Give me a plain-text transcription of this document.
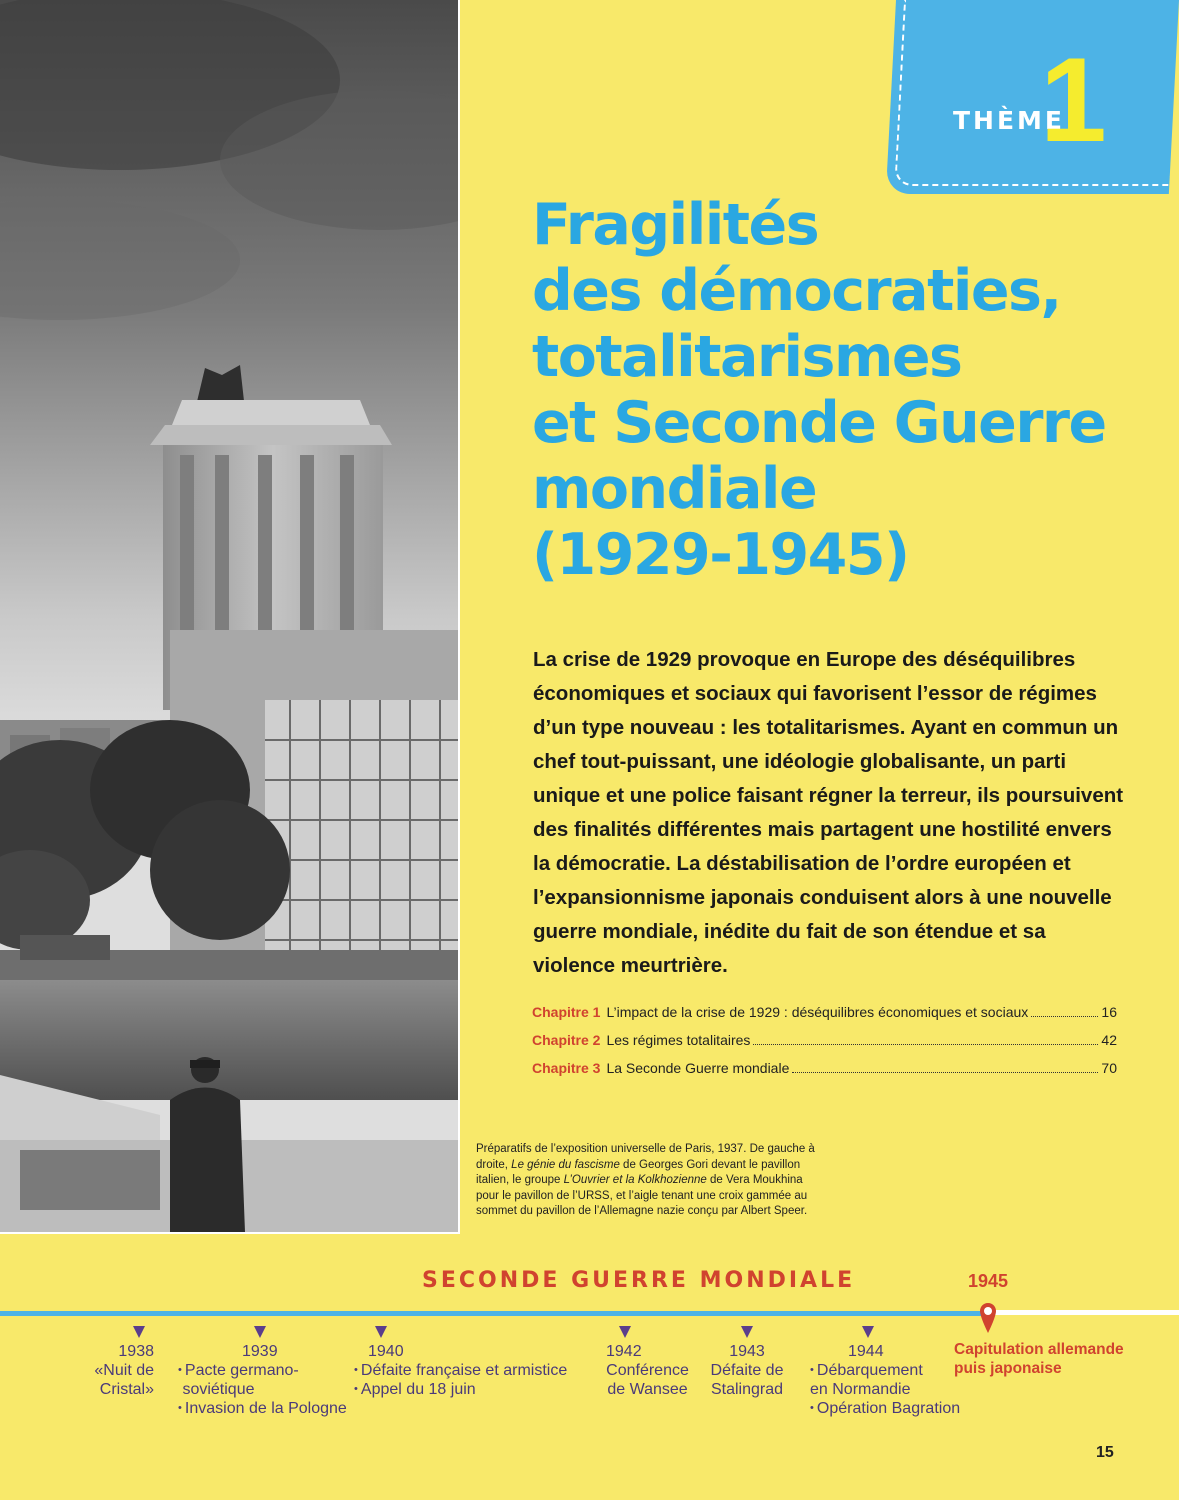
THÈME
1
Fragilités
des démocraties,
totalitarismes
et Seconde Guerre
mondiale
(1929-1945)

La crise de 1929 provoque en Europe des déséquilibres économiques et sociaux qui favorisent l’essor de régimes d’un type nouveau : les totalitarismes. Ayant en commun un chef tout-puissant, une idéologie globalisante, un parti unique et une police faisant régner la terreur, ils poursuivent des finalités différentes mais partagent une hostilité envers la démocratie. La déstabilisation de l’ordre européen et l’expansionnisme japonais conduisent alors à une nouvelle guerre mondiale, inédite du fait de son étendue et sa violence meurtrière.

Chapitre 1 L’impact de la crise de 1929 : déséquilibres économiques et sociaux	16
Chapitre 2 Les régimes totalitaires	42
Chapitre 3 La Seconde Guerre mondiale	70
Préparatifs de l’exposition universelle de Paris, 1937. De gauche à droite, Le génie du fascisme de Georges Gori devant le pavillon italien, le groupe L’Ouvrier et la Kolkhozienne de Vera Moukhina pour le pavillon de l’URSS, et l’aigle tenant une croix gammée au sommet du pavillon de l’Allemagne nazie conçu par Albert Speer.
SECONDE GUERRE MONDIALE	1945
1938
«Nuit de
Cristal»
1939
• Pacte germano- soviétique
• Invasion de la Pologne
1940
• Défaite française et armistice
• Appel du 18 juin
1942
Conférence
de Wansee
1943
Défaite de
Stalingrad
1944
• Débarquement en Normandie
• Opération Bagration
Capitulation allemande puis japonaise
15
